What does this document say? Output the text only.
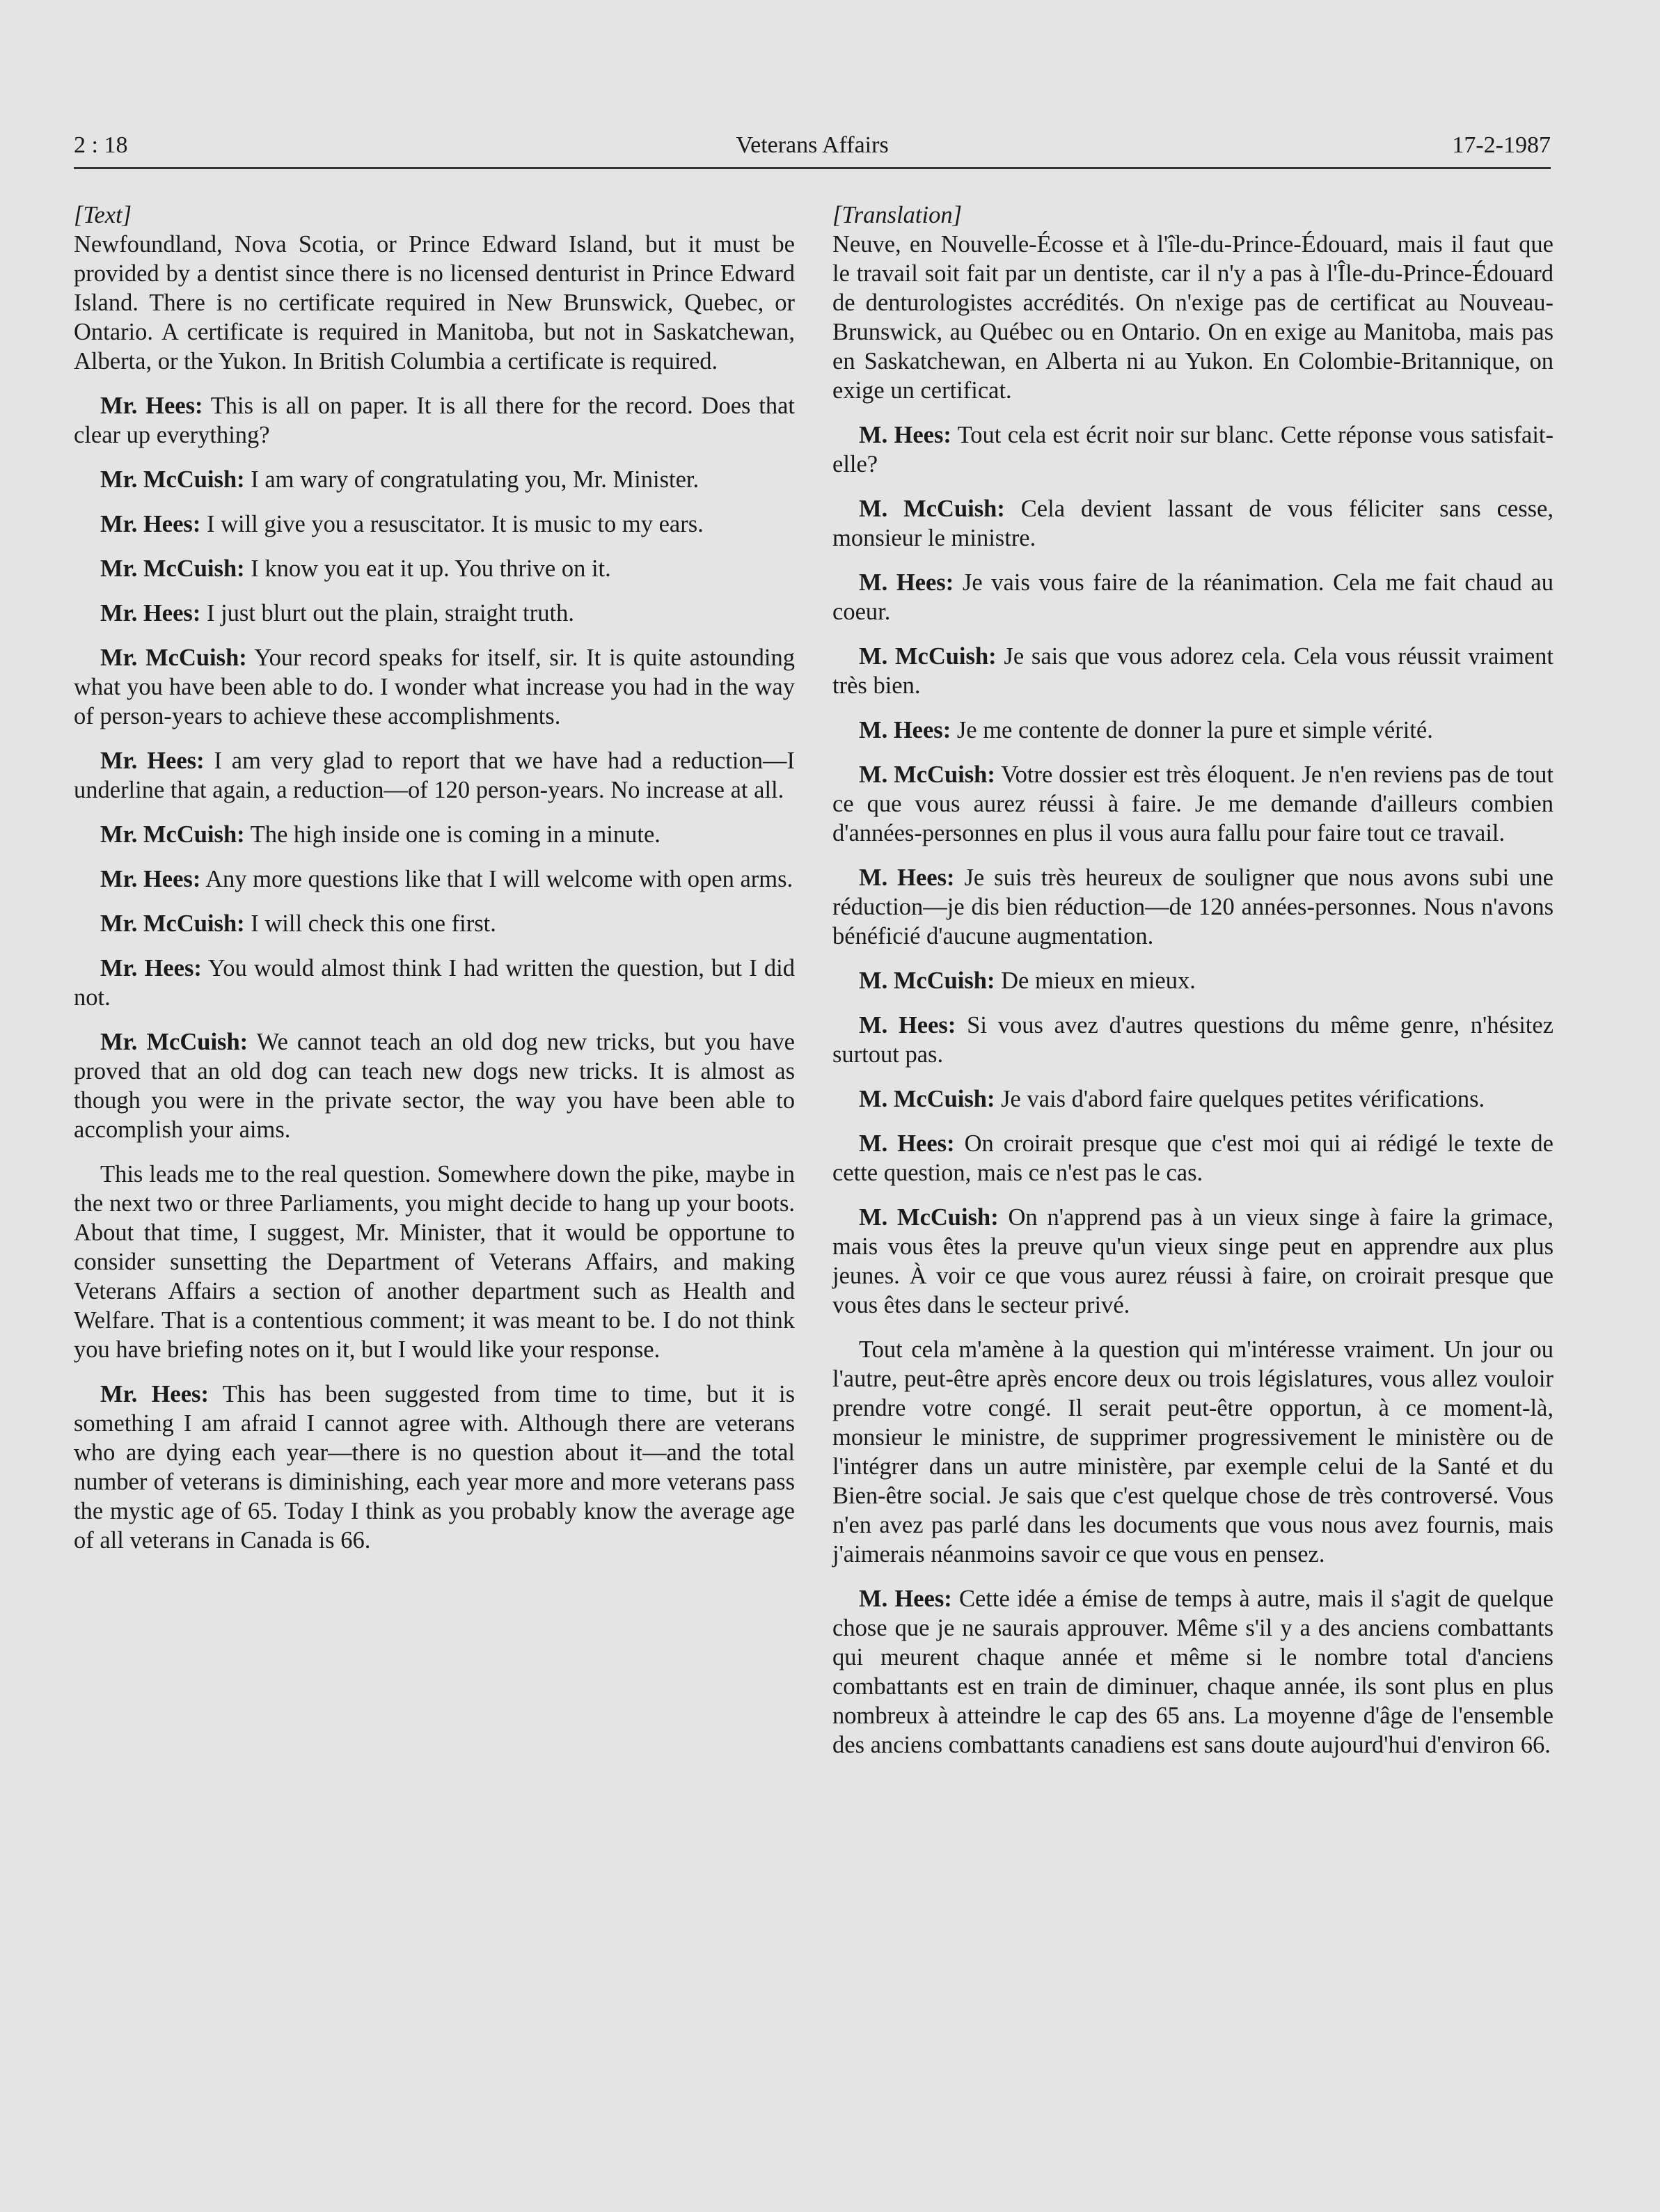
2 : 18	Veterans Affairs	17-2-1987

[Text]

Newfoundland, Nova Scotia, or Prince Edward Island, but it must be provided by a dentist since there is no licensed denturist in Prince Edward Island. There is no certificate required in New Brunswick, Quebec, or Ontario. A certificate is required in Manitoba, but not in Saskatchewan, Alberta, or the Yukon. In British Columbia a certificate is required.

Mr. Hees: This is all on paper. It is all there for the record. Does that clear up everything?

Mr. McCuish: I am wary of congratulating you, Mr. Minister.

Mr. Hees: I will give you a resuscitator. It is music to my ears.

Mr. McCuish: I know you eat it up. You thrive on it.

Mr. Hees: I just blurt out the plain, straight truth.

Mr. McCuish: Your record speaks for itself, sir. It is quite astounding what you have been able to do. I wonder what increase you had in the way of person-years to achieve these accomplishments.

Mr. Hees: I am very glad to report that we have had a reduction—I underline that again, a reduction—of 120 person-years. No increase at all.

Mr. McCuish: The high inside one is coming in a minute.

Mr. Hees: Any more questions like that I will welcome with open arms.

Mr. McCuish: I will check this one first.

Mr. Hees: You would almost think I had written the question, but I did not.

Mr. McCuish: We cannot teach an old dog new tricks, but you have proved that an old dog can teach new dogs new tricks. It is almost as though you were in the private sector, the way you have been able to accomplish your aims.

This leads me to the real question. Somewhere down the pike, maybe in the next two or three Parliaments, you might decide to hang up your boots. About that time, I suggest, Mr. Minister, that it would be opportune to consider sunsetting the Department of Veterans Affairs, and making Veterans Affairs a section of another department such as Health and Welfare. That is a contentious comment; it was meant to be. I do not think you have briefing notes on it, but I would like your response.

Mr. Hees: This has been suggested from time to time, but it is something I am afraid I cannot agree with. Although there are veterans who are dying each year—there is no question about it—and the total number of veterans is diminishing, each year more and more veterans pass the mystic age of 65. Today I think as you probably know the average age of all veterans in Canada is 66.

[Translation]

Neuve, en Nouvelle-Écosse et à l'île-du-Prince-Édouard, mais il faut que le travail soit fait par un dentiste, car il n'y a pas à l'Île-du-Prince-Édouard de denturologistes accrédités. On n'exige pas de certificat au Nouveau-Brunswick, au Québec ou en Ontario. On en exige au Manitoba, mais pas en Saskatchewan, en Alberta ni au Yukon. En Colombie-Britannique, on exige un certificat.

M. Hees: Tout cela est écrit noir sur blanc. Cette réponse vous satisfait-elle?

M. McCuish: Cela devient lassant de vous féliciter sans cesse, monsieur le ministre.

M. Hees: Je vais vous faire de la réanimation. Cela me fait chaud au coeur.

M. McCuish: Je sais que vous adorez cela. Cela vous réussit vraiment très bien.

M. Hees: Je me contente de donner la pure et simple vérité.

M. McCuish: Votre dossier est très éloquent. Je n'en reviens pas de tout ce que vous aurez réussi à faire. Je me demande d'ailleurs combien d'années-personnes en plus il vous aura fallu pour faire tout ce travail.

M. Hees: Je suis très heureux de souligner que nous avons subi une réduction—je dis bien réduction—de 120 années-personnes. Nous n'avons bénéficié d'aucune augmentation.

M. McCuish: De mieux en mieux.

M. Hees: Si vous avez d'autres questions du même genre, n'hésitez surtout pas.

M. McCuish: Je vais d'abord faire quelques petites vérifications.

M. Hees: On croirait presque que c'est moi qui ai rédigé le texte de cette question, mais ce n'est pas le cas.

M. McCuish: On n'apprend pas à un vieux singe à faire la grimace, mais vous êtes la preuve qu'un vieux singe peut en apprendre aux plus jeunes. À voir ce que vous aurez réussi à faire, on croirait presque que vous êtes dans le secteur privé.

Tout cela m'amène à la question qui m'intéresse vraiment. Un jour ou l'autre, peut-être après encore deux ou trois législatures, vous allez vouloir prendre votre congé. Il serait peut-être opportun, à ce moment-là, monsieur le ministre, de supprimer progressivement le ministère ou de l'intégrer dans un autre ministère, par exemple celui de la Santé et du Bien-être social. Je sais que c'est quelque chose de très controversé. Vous n'en avez pas parlé dans les documents que vous nous avez fournis, mais j'aimerais néanmoins savoir ce que vous en pensez.

M. Hees: Cette idée a émise de temps à autre, mais il s'agit de quelque chose que je ne saurais approuver. Même s'il y a des anciens combattants qui meurent chaque année et même si le nombre total d'anciens combattants est en train de diminuer, chaque année, ils sont plus en plus nombreux à atteindre le cap des 65 ans. La moyenne d'âge de l'ensemble des anciens combattants canadiens est sans doute aujourd'hui d'environ 66.
